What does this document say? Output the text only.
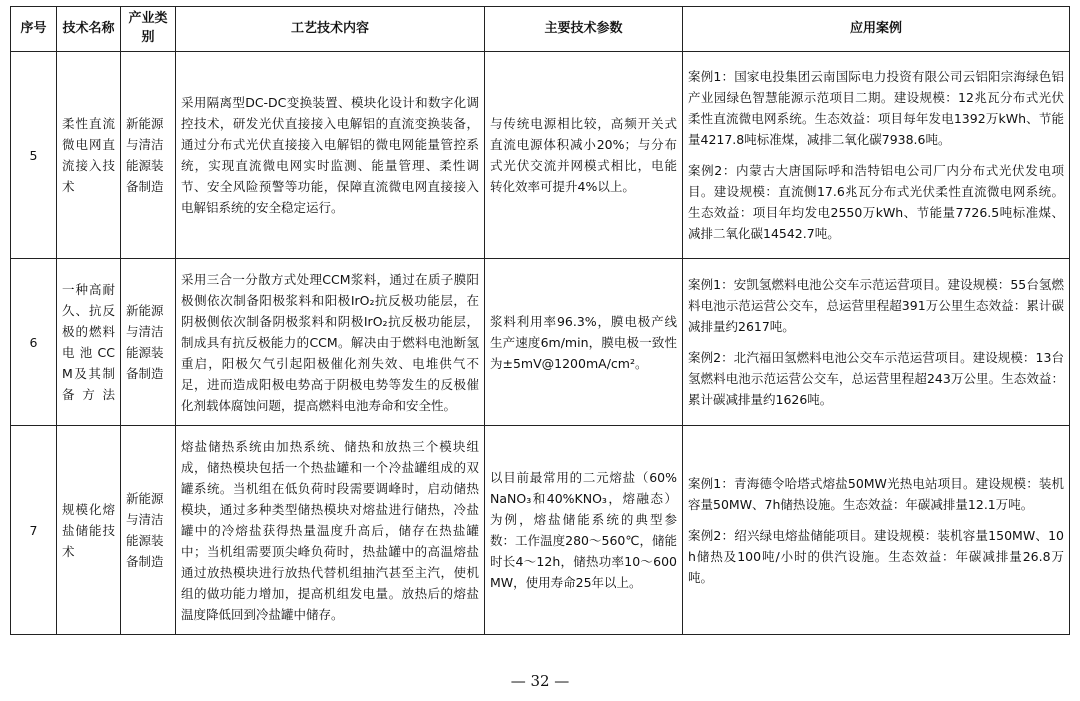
序号	技术名称	产业类别	工艺技术内容	主要技术参数	应用案例
5	柔性直流微电网直流接入技术	新能源与清洁能源装备制造	采用隔离型DC-DC变换装置、模块化设计和数字化调控技术，研发光伏直接接入电解铝的直流变换装备，通过分布式光伏直接接入电解铝的微电网能量管控系统，实现直流微电网实时监测、能量管理、柔性调节、安全风险预警等功能，保障直流微电网直接接入电解铝系统的安全稳定运行。	与传统电源相比较，高频开关式直流电源体积减小20%；与分布式光伏交流并网模式相比，电能转化效率可提升4%以上。	案例1：国家电投集团云南国际电力投资有限公司云铝阳宗海绿色铝产业园绿色智慧能源示范项目二期。建设规模：12兆瓦分布式光伏柔性直流微电网系统。生态效益：项目每年发电1392万kWh、节能量4217.8吨标准煤，减排二氧化碳7938.6吨。
案例2：内蒙古大唐国际呼和浩特铝电公司厂内分布式光伏发电项目。建设规模：直流侧17.6兆瓦分布式光伏柔性直流微电网系统。生态效益：项目年均发电2550万kWh、节能量7726.5吨标准煤、减排二氧化碳14542.7吨。

6	一种高耐久、抗反极的燃料电池CCM及其制备方法	新能源与清洁能源装备制造	采用三合一分散方式处理CCM浆料，通过在质子膜阳极侧依次制备阳极浆料和阳极IrO₂抗反极功能层，在阴极侧依次制备阴极浆料和阴极IrO₂抗反极功能层，制成具有抗反极能力的CCM。解决由于燃料电池断氢重启，阳极欠气引起阳极催化剂失效、电堆供气不足，进而造成阳极电势高于阴极电势等发生的反极催化剂载体腐蚀问题，提高燃料电池寿命和安全性。	浆料利用率96.3%，膜电极产线生产速度6m/min，膜电极一致性为±5mV@1200mA/cm²。	案例1：安凯氢燃料电池公交车示范运营项目。建设规模：55台氢燃料电池示范运营公交车，总运营里程超391万公里生态效益：累计碳减排量约2617吨。
案例2：北汽福田氢燃料电池公交车示范运营项目。建设规模：13台氢燃料电池示范运营公交车，总运营里程超243万公里。生态效益：累计碳减排量约1626吨。

7	规模化熔盐储能技术	新能源与清洁能源装备制造	熔盐储热系统由加热系统、储热和放热三个模块组成，储热模块包括一个热盐罐和一个冷盐罐组成的双罐系统。当机组在低负荷时段需要调峰时，启动储热模块，通过多种类型储热模块对熔盐进行储热，冷盐罐中的冷熔盐获得热量温度升高后，储存在热盐罐中；当机组需要顶尖峰负荷时，热盐罐中的高温熔盐通过放热模块进行放热代替机组抽汽甚至主汽，使机组的做功能力增加，提高机组发电量。放热后的熔盐温度降低回到冷盐罐中储存。	以目前最常用的二元熔盐（60%NaNO₃和40%KNO₃，熔融态）为例，熔盐储能系统的典型参数：工作温度280～560℃，储能时长4～12h，储热功率10～600MW，使用寿命25年以上。	案例1：青海德令哈塔式熔盐50MW光热电站项目。建设规模：装机容量50MW、7h储热设施。生态效益：年碳减排量12.1万吨。
案例2：绍兴绿电熔盐储能项目。建设规模：装机容量150MW、10h储热及100吨/小时的供汽设施。生态效益：年碳减排量26.8万吨。
— 32 —
